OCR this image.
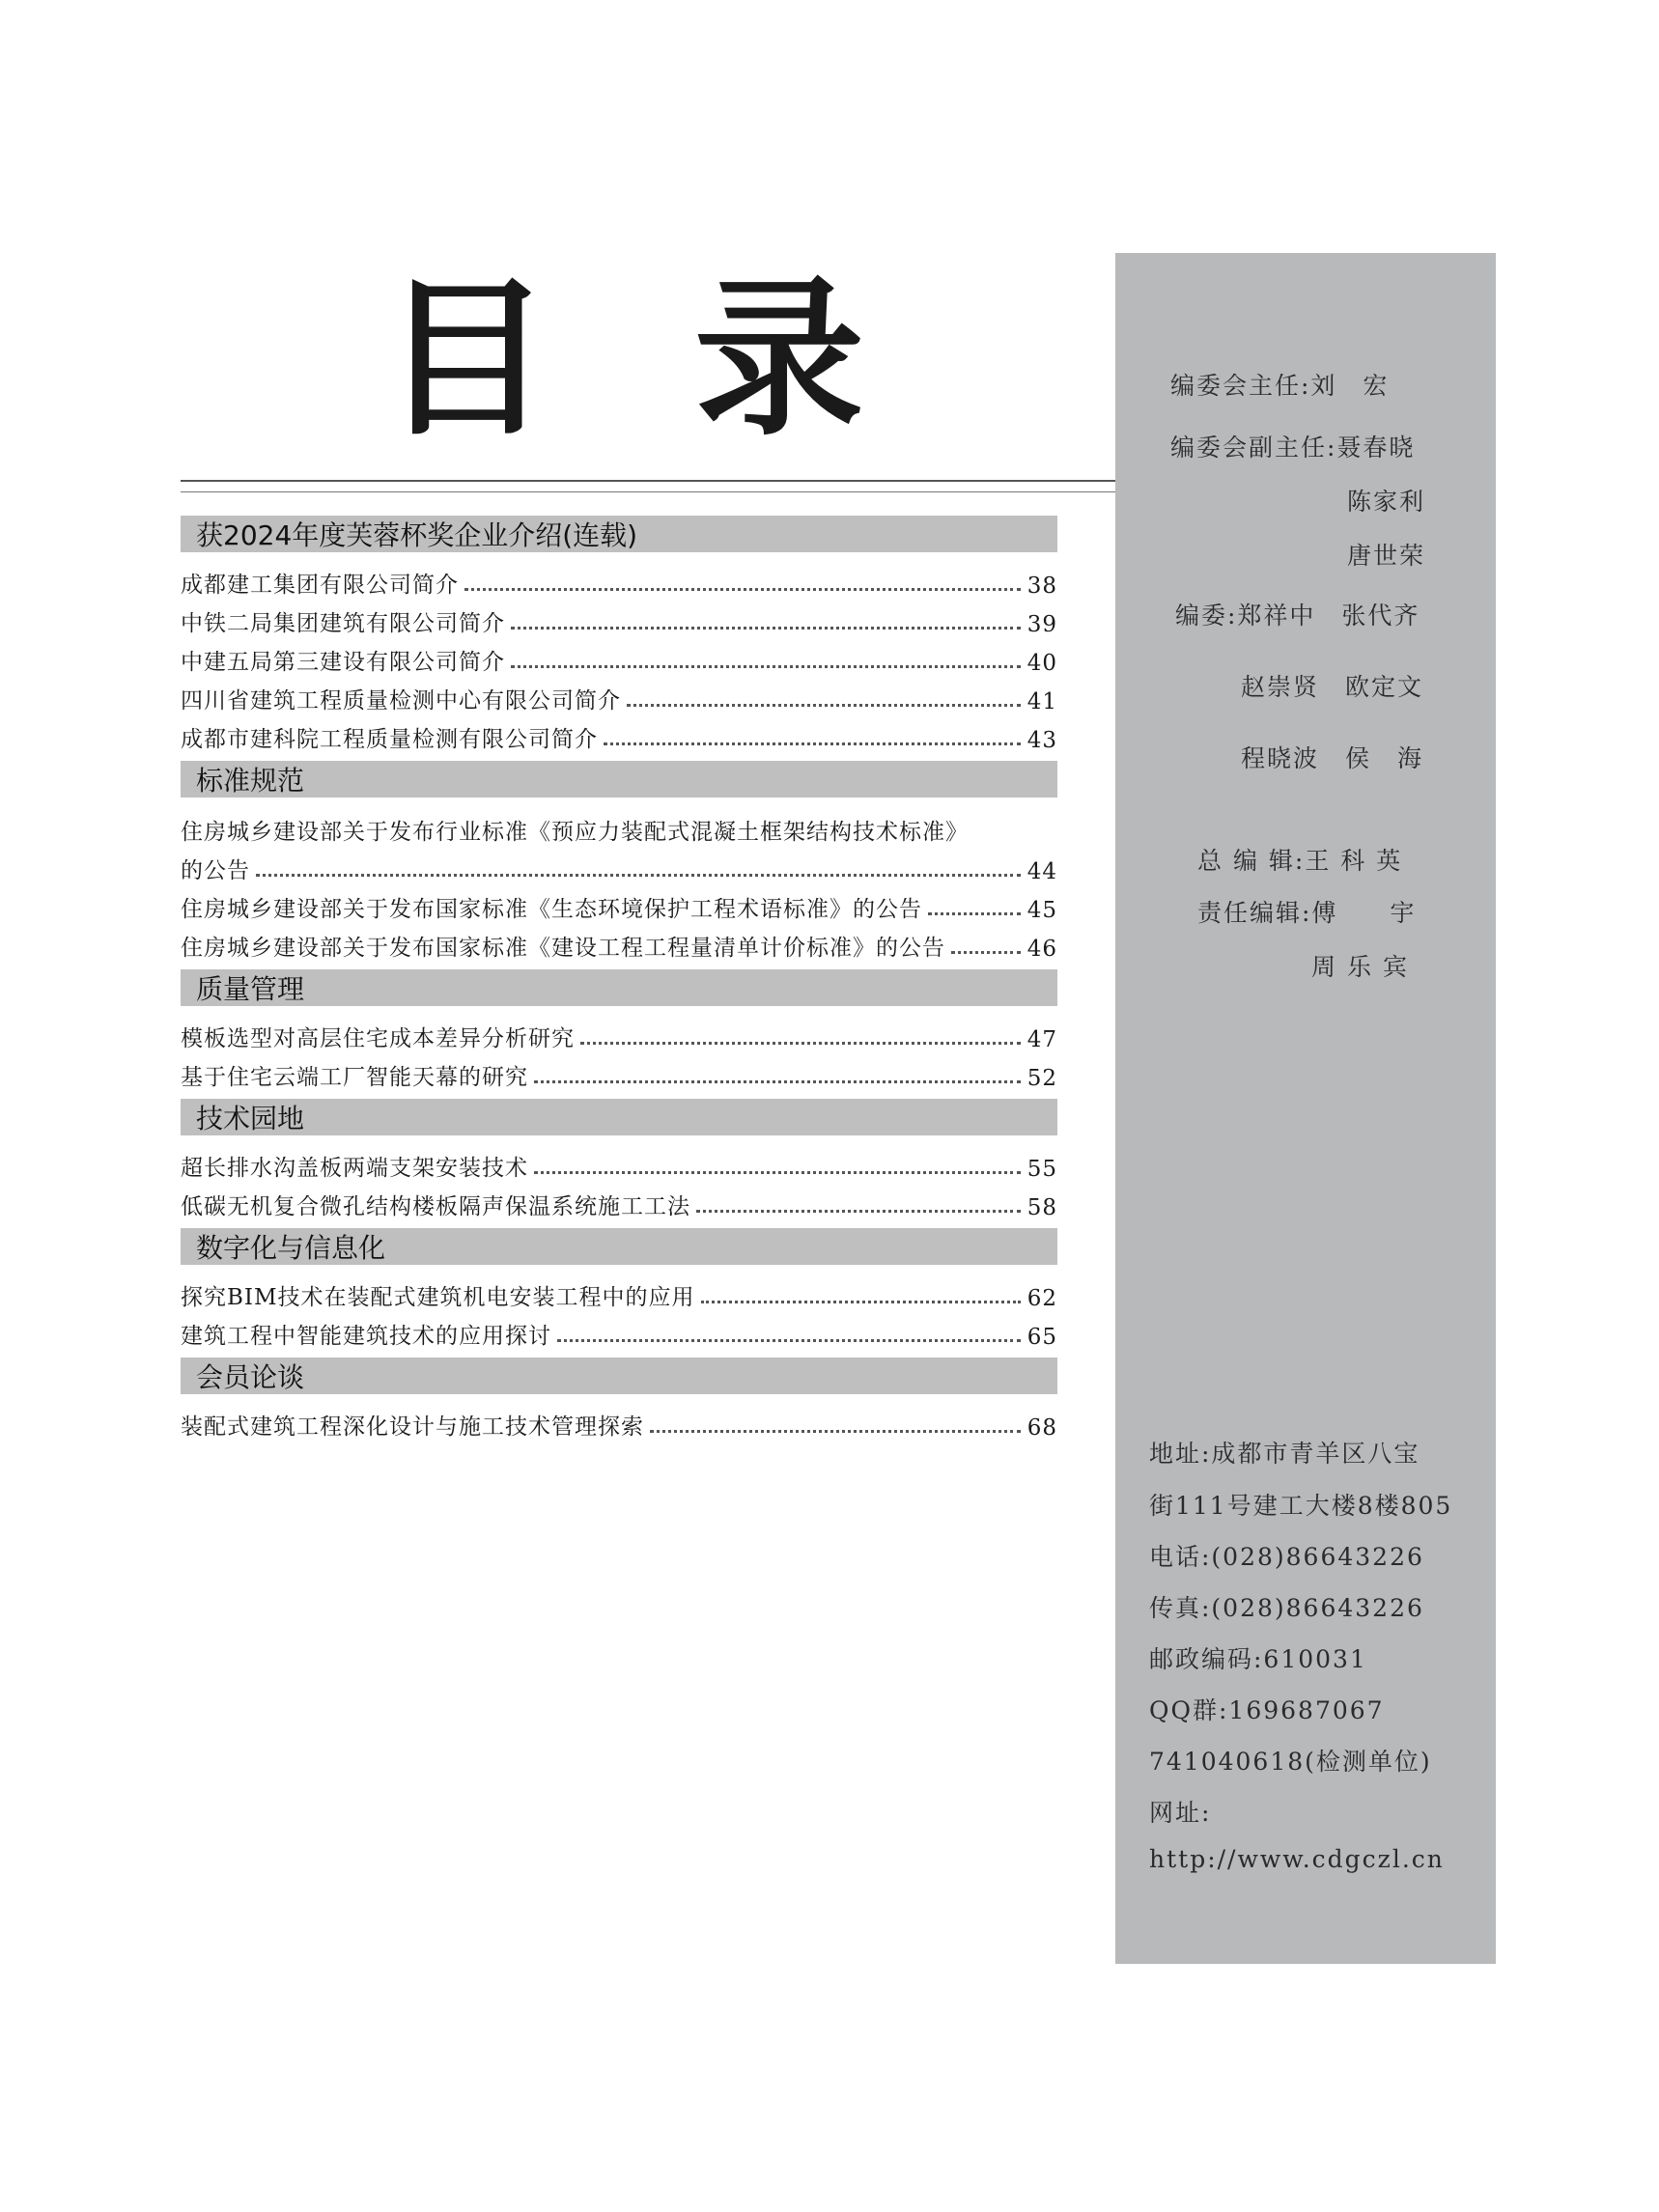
目 录
获2024年度芙蓉杯奖企业介绍(连载)
成都建工集团有限公司简介	38
中铁二局集团建筑有限公司简介	39
中建五局第三建设有限公司简介	40
四川省建筑工程质量检测中心有限公司简介	41
成都市建科院工程质量检测有限公司简介	43
标准规范
住房城乡建设部关于发布行业标准《预应力装配式混凝土框架结构技术标准》
的公告	44
住房城乡建设部关于发布国家标准《生态环境保护工程术语标准》的公告	45
住房城乡建设部关于发布国家标准《建设工程工程量清单计价标准》的公告	46
质量管理
模板选型对高层住宅成本差异分析研究	47
基于住宅云端工厂智能天幕的研究	52
技术园地
超长排水沟盖板两端支架安装技术	55
低碳无机复合微孔结构楼板隔声保温系统施工工法	58
数字化与信息化
探究BIM技术在装配式建筑机电安装工程中的应用	62
建筑工程中智能建筑技术的应用探讨	65
会员论谈
装配式建筑工程深化设计与施工技术管理探索	68
编委会主任:刘　宏
编委会副主任:聂春晓
陈家利
唐世荣
编委:郑祥中　张代齐
赵崇贤　欧定文
程晓波　侯　海
总 编 辑:王 科 英
责任编辑:傅　　宇
周 乐 宾
地址:成都市青羊区八宝
街111号建工大楼8楼805
电话:(028)86643226
传真:(028)86643226
邮政编码:610031
QQ群:169687067
741040618(检测单位)
网址:
http://www.cdgczl.cn
